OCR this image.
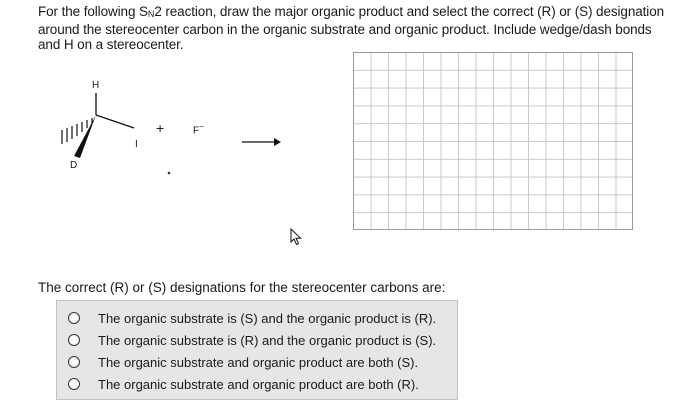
For the following SN2 reaction, draw the major organic product and select the correct (R) or (S) designation
around the stereocenter carbon in the organic substrate and organic product. Include wedge/dash bonds
and H on a stereocenter.
H
D
I
+	F−
The correct (R) or (S) designations for the stereocenter carbons are:
The organic substrate is (S) and the organic product is (R).
The organic substrate is (R) and the organic product is (S).
The organic substrate and organic product are both (S).
The organic substrate and organic product are both (R).
